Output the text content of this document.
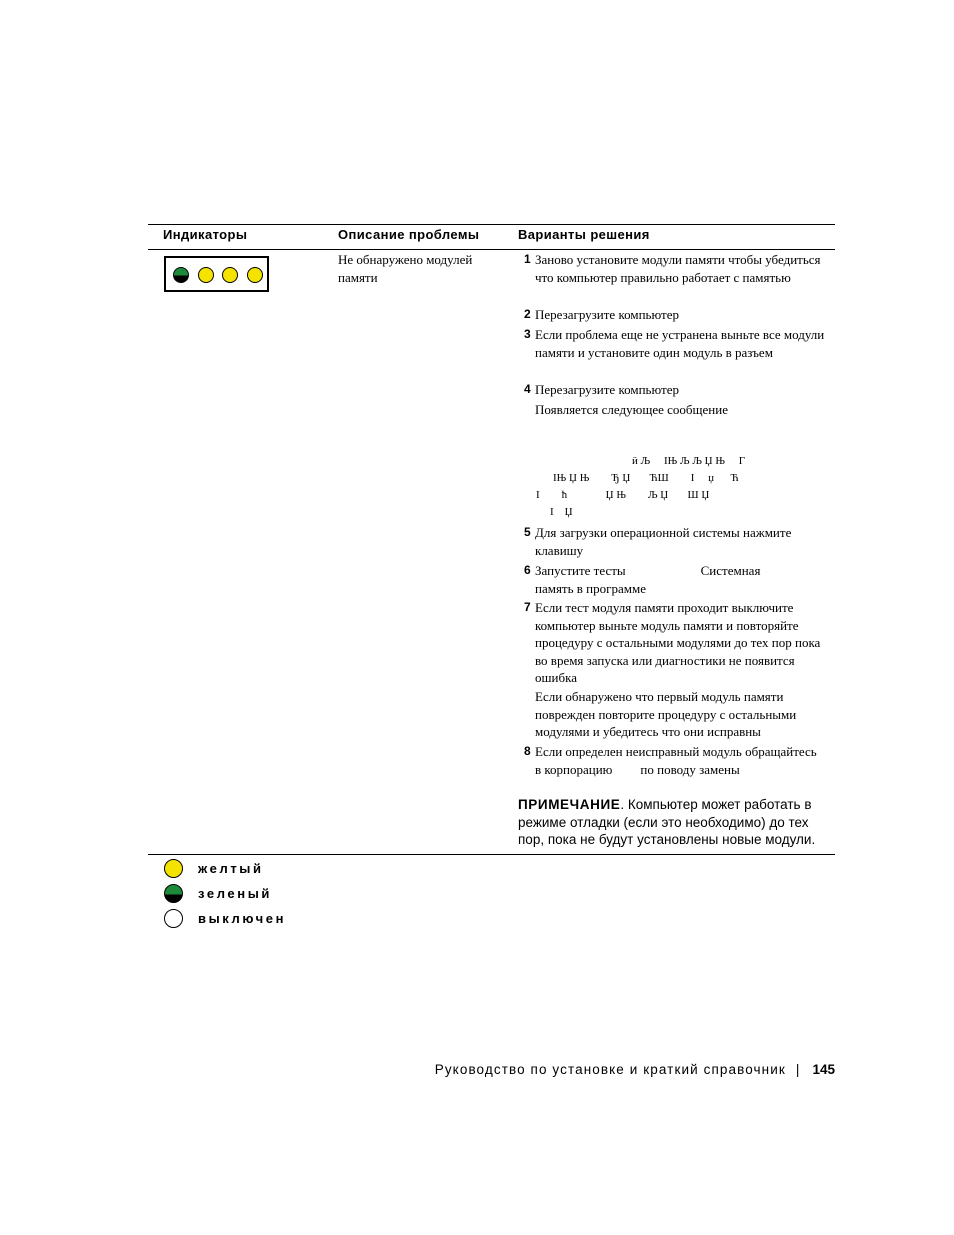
Индикаторы	Описание проблемы	Варианты решения
Не обнаружено модулей памяти
1 Заново установите модули памяти чтобы убедиться что компьютер правильно работает с памятью
2 Перезагрузите компьютер
3 Если проблема еще не устранена выньте все модули памяти и установите один модуль в разъем
4 Перезагрузите компьютер
Появляется следующее сообщение
ӥ Љ     ІЊ Љ Љ Џ Њ     Г
ІЊ Џ Њ        Ђ Џ       ЋШ        І     џ      Ћ
І        ћ              Џ Њ        Љ Џ       Ш Џ
І    Џ
5 Для загрузки операционной системы нажмите клавишу
6 Запустите тесты	Системная
память в программе
7 Если тест модуля памяти проходит выключите компьютер выньте модуль памяти и повторяйте процедуру с остальными модулями до тех пор пока во время запуска или диагностики не появится ошибка
Если обнаружено что первый модуль памяти поврежден повторите процедуру с остальными модулями и убедитесь что они исправны
8 Если определен неисправный модуль обращайтесь в корпорацию по поводу замены
ПРИМЕЧАНИЕ. Компьютер может работать в режиме отладки (если это необходимо) до тех пор, пока не будут установлены новые модули.
желтый
зеленый
выключен
Руководство по установке и краткий справочник | 145
